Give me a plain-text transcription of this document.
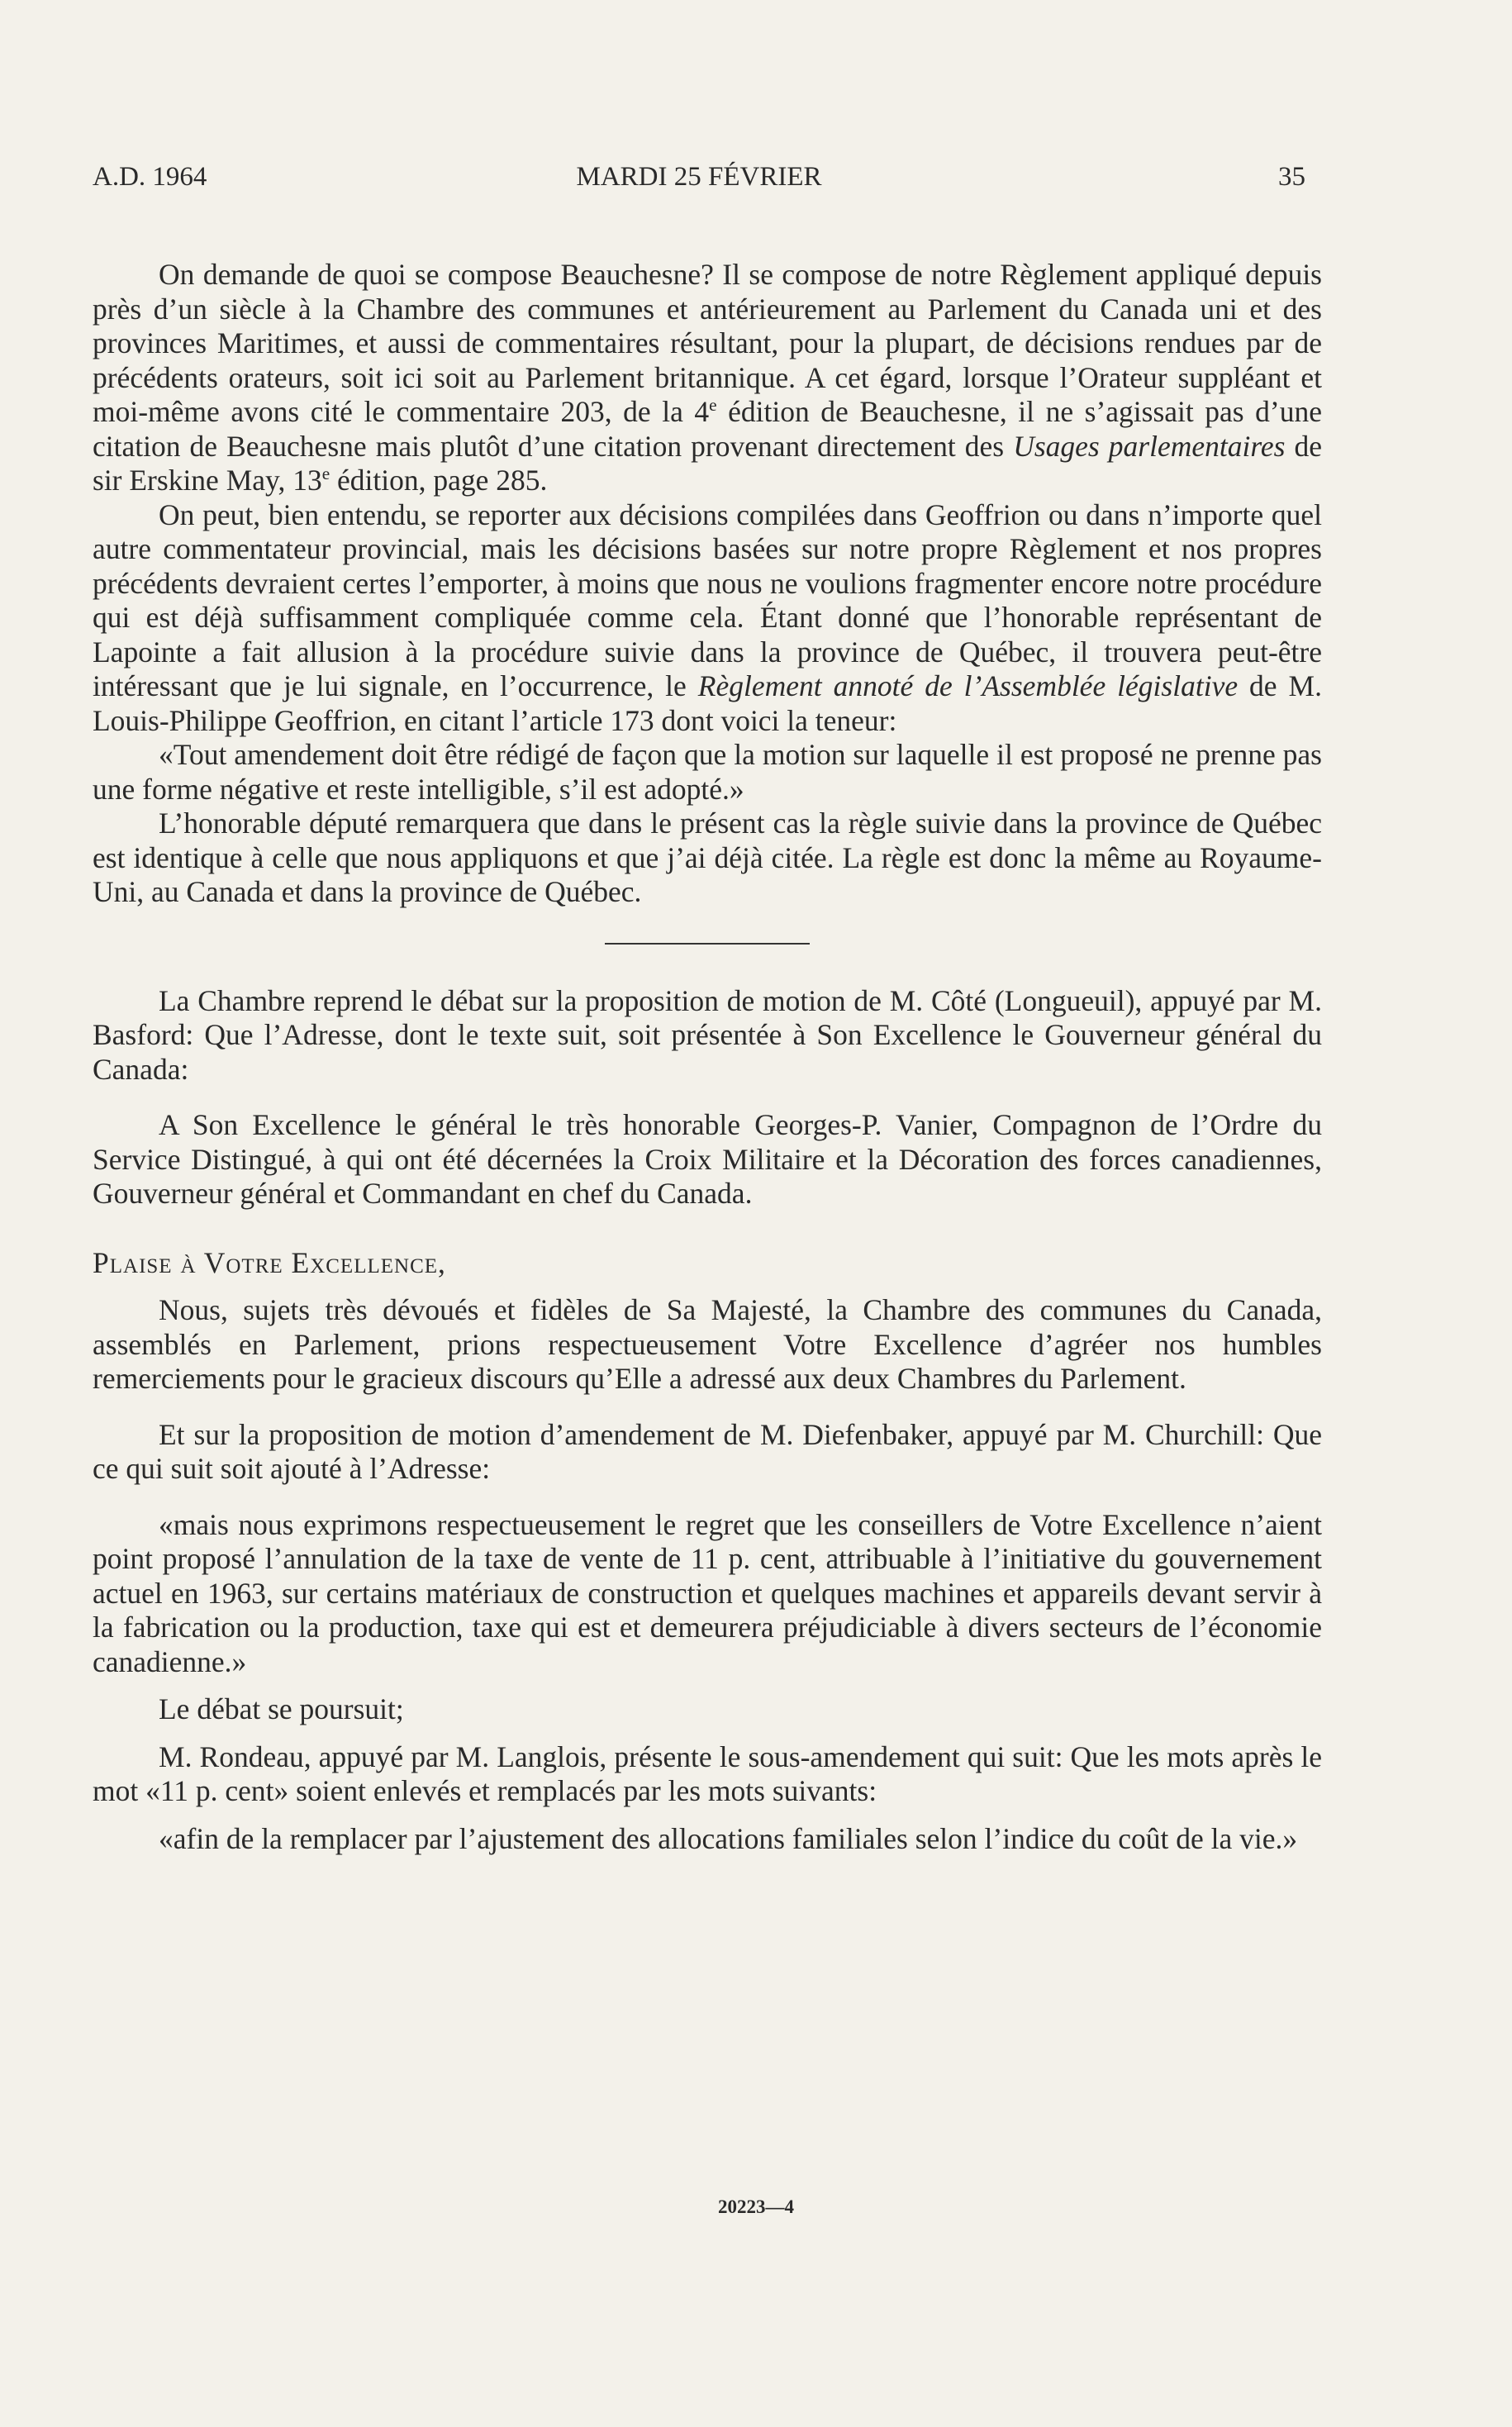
A.D. 1964	MARDI 25 FÉVRIER	35

On demande de quoi se compose Beauchesne? Il se compose de notre Règlement appliqué depuis près d’un siècle à la Chambre des communes et antérieurement au Parlement du Canada uni et des provinces Maritimes, et aussi de commentaires résultant, pour la plupart, de décisions rendues par de précédents orateurs, soit ici soit au Parlement britannique. A cet égard, lorsque l’Orateur suppléant et moi-même avons cité le commentaire 203, de la 4e édition de Beauchesne, il ne s’agissait pas d’une citation de Beauchesne mais plutôt d’une citation provenant directement des Usages parlementaires de sir Erskine May, 13e édition, page 285.

On peut, bien entendu, se reporter aux décisions compilées dans Geoffrion ou dans n’importe quel autre commentateur provincial, mais les décisions basées sur notre propre Règlement et nos propres précédents devraient certes l’emporter, à moins que nous ne voulions fragmenter encore notre procédure qui est déjà suffisamment compliquée comme cela. Étant donné que l’honorable représentant de Lapointe a fait allusion à la procédure suivie dans la province de Québec, il trouvera peut-être intéressant que je lui signale, en l’occurrence, le Règlement annoté de l’Assemblée législative de M. Louis-Philippe Geoffrion, en citant l’article 173 dont voici la teneur:

«Tout amendement doit être rédigé de façon que la motion sur laquelle il est proposé ne prenne pas une forme négative et reste intelligible, s’il est adopté.»

L’honorable député remarquera que dans le présent cas la règle suivie dans la province de Québec est identique à celle que nous appliquons et que j’ai déjà citée. La règle est donc la même au Royaume-Uni, au Canada et dans la province de Québec.

La Chambre reprend le débat sur la proposition de motion de M. Côté (Longueuil), appuyé par M. Basford: Que l’Adresse, dont le texte suit, soit présentée à Son Excellence le Gouverneur général du Canada:

A Son Excellence le général le très honorable Georges-P. Vanier, Compagnon de l’Ordre du Service Distingué, à qui ont été décernées la Croix Militaire et la Décoration des forces canadiennes, Gouverneur général et Commandant en chef du Canada.

Plaise à Votre Excellence,

Nous, sujets très dévoués et fidèles de Sa Majesté, la Chambre des communes du Canada, assemblés en Parlement, prions respectueusement Votre Excellence d’agréer nos humbles remerciements pour le gracieux discours qu’Elle a adressé aux deux Chambres du Parlement.

Et sur la proposition de motion d’amendement de M. Diefenbaker, appuyé par M. Churchill: Que ce qui suit soit ajouté à l’Adresse:

«mais nous exprimons respectueusement le regret que les conseillers de Votre Excellence n’aient point proposé l’annulation de la taxe de vente de 11 p. cent, attribuable à l’initiative du gouvernement actuel en 1963, sur certains matériaux de construction et quelques machines et appareils devant servir à la fabrication ou la production, taxe qui est et demeurera préjudiciable à divers secteurs de l’économie canadienne.»

Le débat se poursuit;

M. Rondeau, appuyé par M. Langlois, présente le sous-amendement qui suit: Que les mots après le mot «11 p. cent» soient enlevés et remplacés par les mots suivants:

«afin de la remplacer par l’ajustement des allocations familiales selon l’indice du coût de la vie.»

20223—4
